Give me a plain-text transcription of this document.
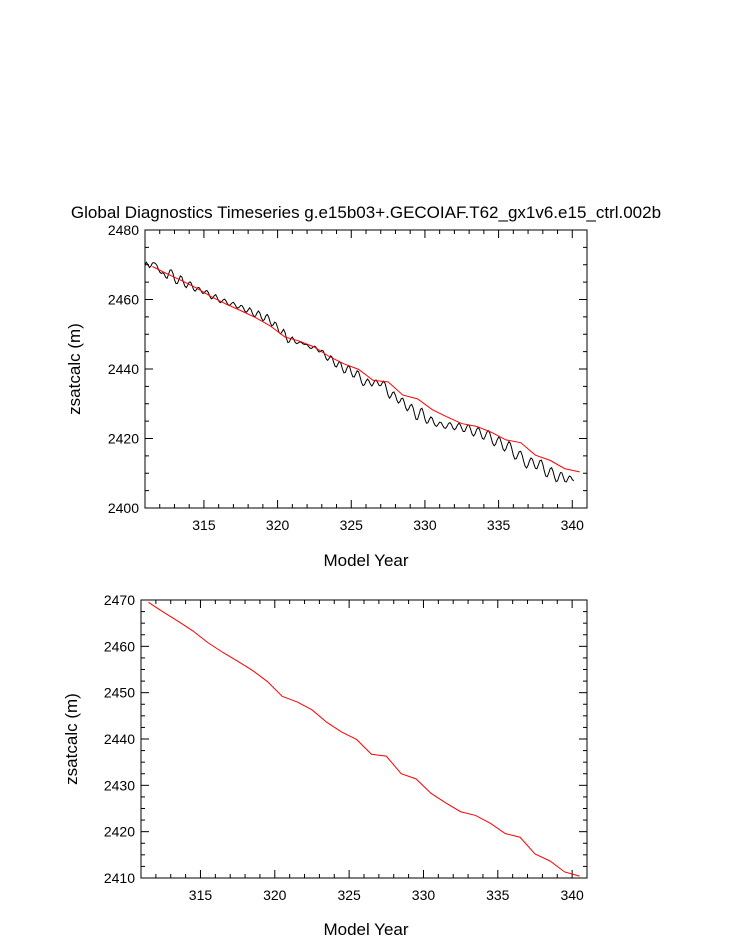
Global Diagnostics Timeseries g.e15b03+.GECOIAF.T62_gx1v6.e15_ctrl.002b
zsatcalc (m)
Model Year
315	320	325	330	335	340
2400
2420
2440
2460
2480
zsatcalc (m)
Model Year
315	320	325	330	335	340
2410
2420
2430
2440
2450
2460
2470
